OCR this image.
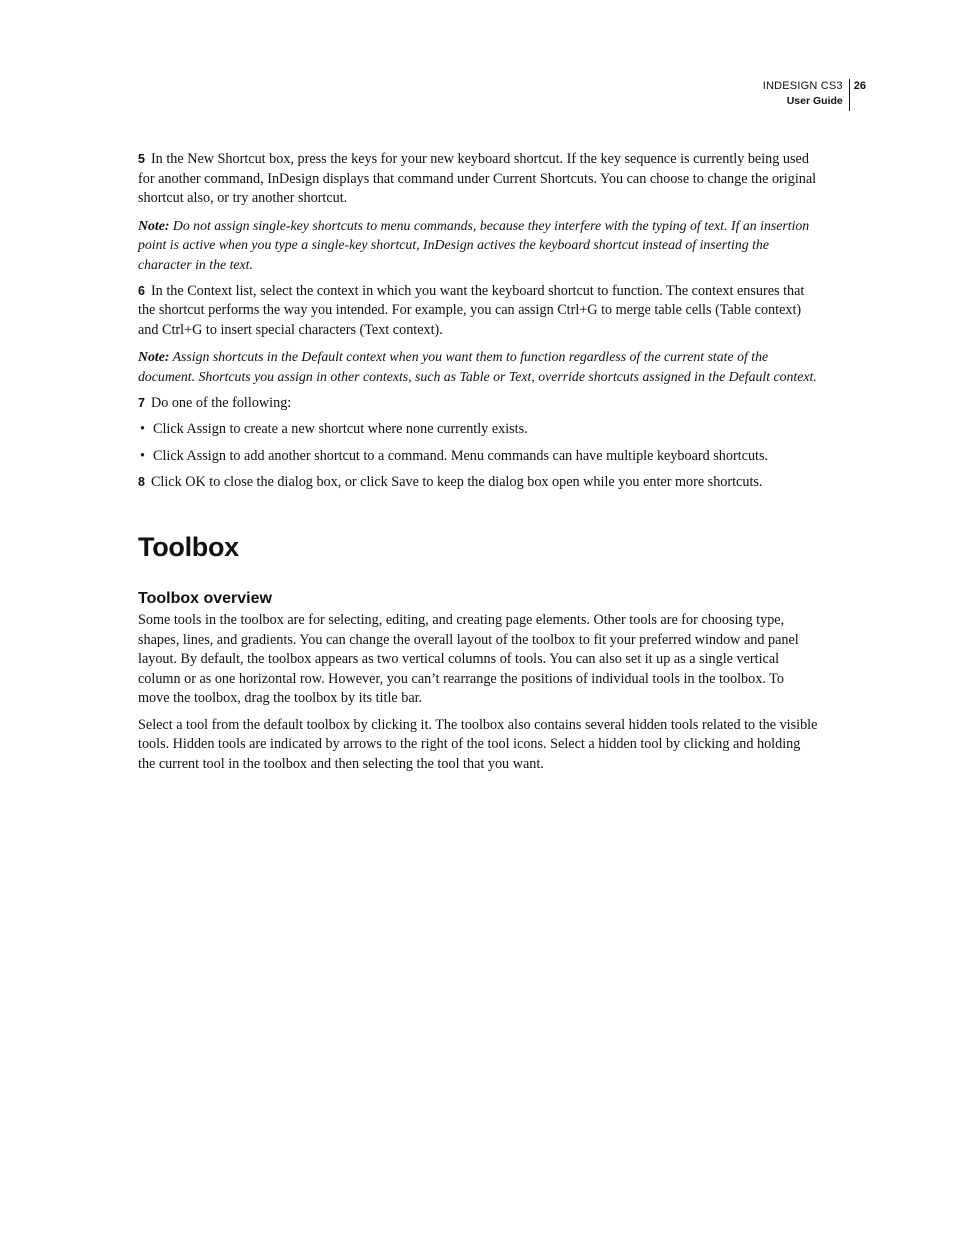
INDESIGN CS3
User Guide
26

5 In the New Shortcut box, press the keys for your new keyboard shortcut. If the key sequence is currently being used for another command, InDesign displays that command under Current Shortcuts. You can choose to change the original shortcut also, or try another shortcut.

Note: Do not assign single-key shortcuts to menu commands, because they interfere with the typing of text. If an insertion point is active when you type a single-key shortcut, InDesign actives the keyboard shortcut instead of inserting the character in the text.

6 In the Context list, select the context in which you want the keyboard shortcut to function. The context ensures that the shortcut performs the way you intended. For example, you can assign Ctrl+G to merge table cells (Table context) and Ctrl+G to insert special characters (Text context).

Note: Assign shortcuts in the Default context when you want them to function regardless of the current state of the document. Shortcuts you assign in other contexts, such as Table or Text, override shortcuts assigned in the Default context.

7 Do one of the following:

• Click Assign to create a new shortcut where none currently exists.

• Click Assign to add another shortcut to a command. Menu commands can have multiple keyboard shortcuts.

8 Click OK to close the dialog box, or click Save to keep the dialog box open while you enter more shortcuts.

Toolbox
Toolbox overview

Some tools in the toolbox are for selecting, editing, and creating page elements. Other tools are for choosing type, shapes, lines, and gradients. You can change the overall layout of the toolbox to fit your preferred window and panel layout. By default, the toolbox appears as two vertical columns of tools. You can also set it up as a single vertical column or as one horizontal row. However, you can’t rearrange the positions of individual tools in the toolbox. To move the toolbox, drag the toolbox by its title bar.

Select a tool from the default toolbox by clicking it. The toolbox also contains several hidden tools related to the visible tools. Hidden tools are indicated by arrows to the right of the tool icons. Select a hidden tool by clicking and holding the current tool in the toolbox and then selecting the tool that you want.
